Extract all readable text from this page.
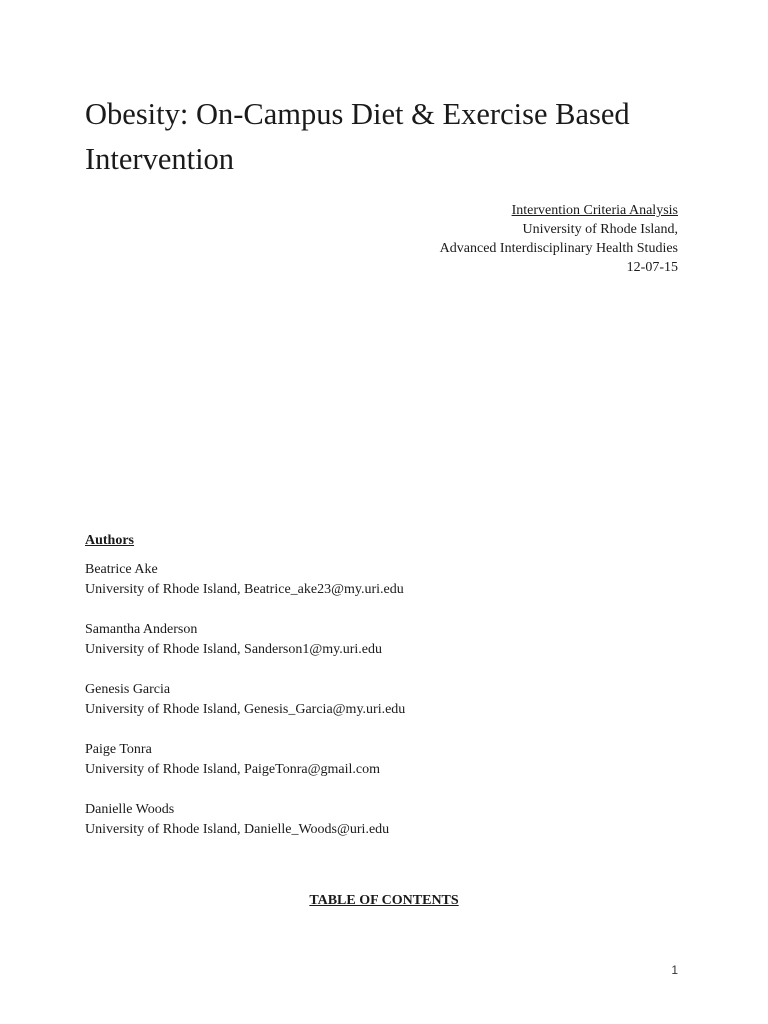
Obesity: On-Campus Diet & Exercise Based Intervention
Intervention Criteria Analysis
University of Rhode Island,
Advanced Interdisciplinary Health Studies
12-07-15
Authors
Beatrice Ake
University of Rhode Island, Beatrice_ake23@my.uri.edu
Samantha Anderson
University of Rhode Island, Sanderson1@my.uri.edu
Genesis Garcia
University of Rhode Island, Genesis_Garcia@my.uri.edu
Paige Tonra
University of Rhode Island, PaigeTonra@gmail.com
Danielle Woods
University of Rhode Island, Danielle_Woods@uri.edu
TABLE OF CONTENTS
1
